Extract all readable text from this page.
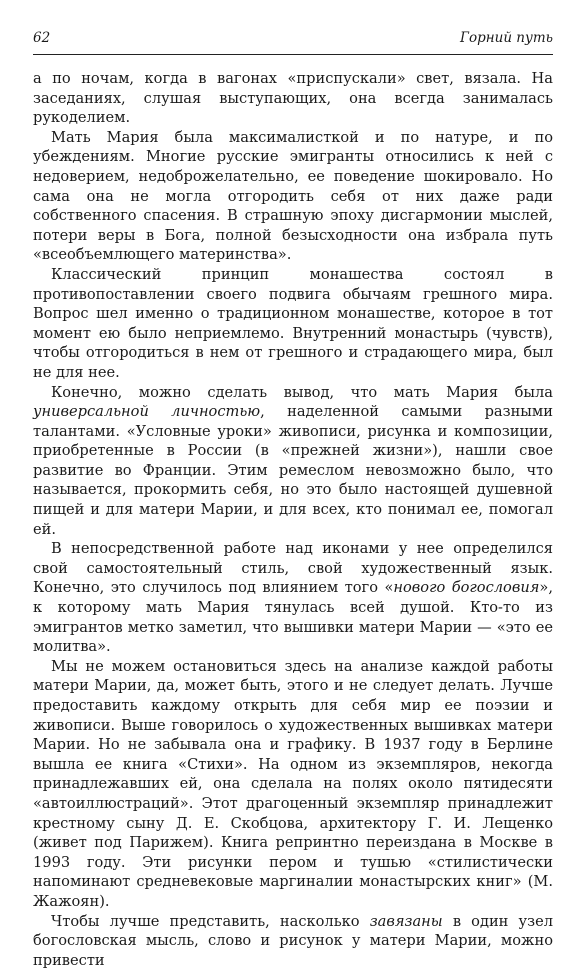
62	Горний путь

а по ночам, когда в вагонах «приспускали» свет, вязала. На заседаниях, слушая выступающих, она всегда занималась рукоделием.

Мать Мария была максималисткой и по натуре, и по убеждениям. Многие русские эмигранты относились к ней с недоверием, недоброжелательно, ее поведение шокировало. Но сама она не могла отгородить себя от них даже ради собственного спасения. В страшную эпоху дисгармонии мыслей, потери веры в Бога, полной безысходности она избрала путь «всеобъемлющего материнства».

Классический принцип монашества состоял в противопоставлении своего подвига обычаям грешного мира. Вопрос шел именно о традиционном монашестве, которое в тот момент ею было неприемлемо. Внутренний монастырь (чувств), чтобы отгородиться в нем от грешного и страдающего мира, был не для нее.

Конечно, можно сделать вывод, что мать Мария была универсальной личностью, наделенной самыми разными талантами. «Условные уроки» живописи, рисунка и композиции, приобретенные в России (в «прежней жизни»), нашли свое развитие во Франции. Этим ремеслом невозможно было, что называется, прокормить себя, но это было настоящей душевной пищей и для матери Марии, и для всех, кто понимал ее, помогал ей.

В непосредственной работе над иконами у нее определился свой самостоятельный стиль, свой художественный язык. Конечно, это случилось под влиянием того «нового богословия», к которому мать Мария тянулась всей душой. Кто-то из эмигрантов метко заметил, что вышивки матери Марии — «это ее молитва».

Мы не можем остановиться здесь на анализе каждой работы матери Марии, да, может быть, этого и не следует делать. Лучше предоставить каждому открыть для себя мир ее поэзии и живописи. Выше говорилось о художественных вышивках матери Марии. Но не забывала она и графику. В 1937 году в Берлине вышла ее книга «Стихи». На одном из экземпляров, некогда принадлежавших ей, она сделала на полях около пятидесяти «автоиллюстраций». Этот драгоценный экземпляр принадлежит крестному сыну Д. Е. Скобцова, архитектору Г. И. Лещенко (живет под Парижем). Книга репринтно переиздана в Москве в 1993 году. Эти рисунки пером и тушью «стилистически напоминают средневековые маргиналии монастырских книг» (М. Жажоян).

Чтобы лучше представить, насколько завязаны в один узел богословская мысль, слово и рисунок у матери Марии, можно привести
